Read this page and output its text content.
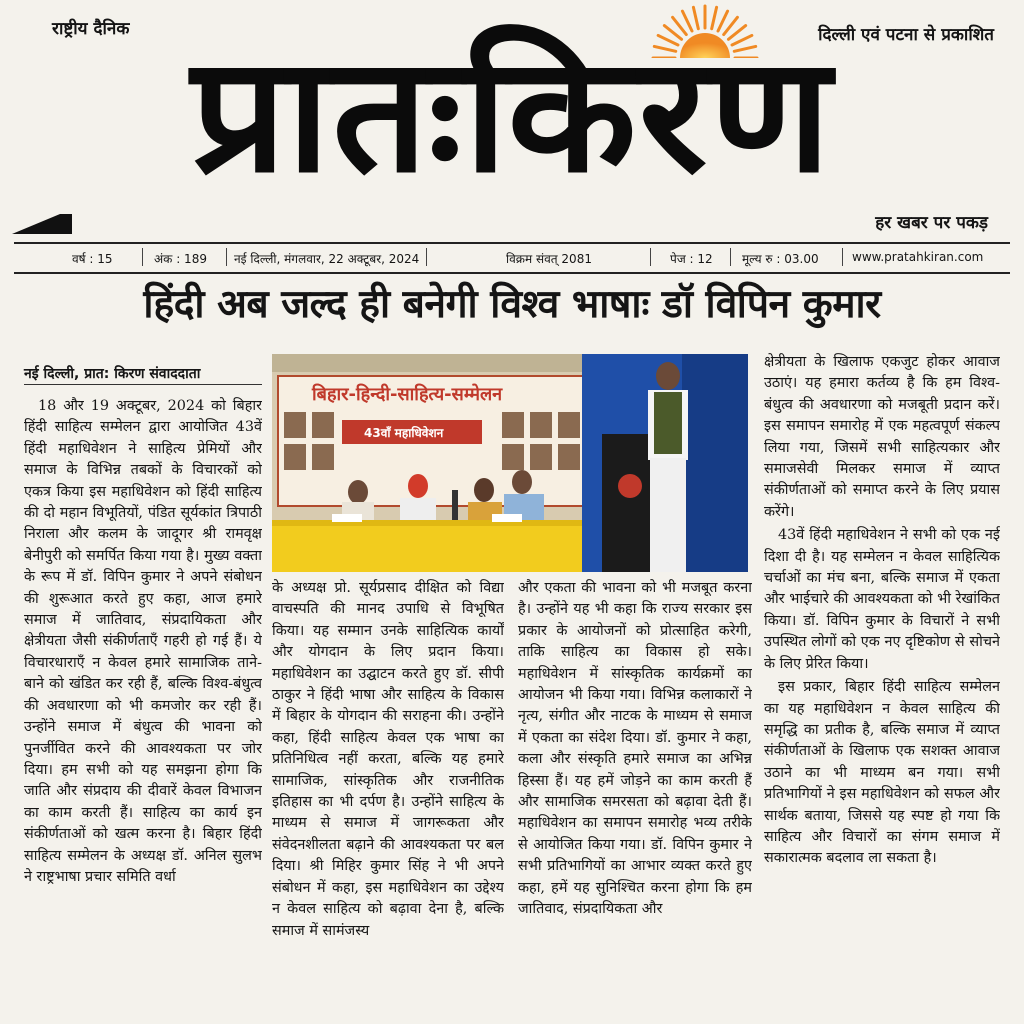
राष्ट्रीय दैनिक	दिल्ली एवं पटना से प्रकाशित
प्रातःकिरण
हर खबर पर पकड़
वर्ष : 15	अंक : 189 नई दिल्ली, मंगलवार, 22 अक्टूबर, 2024	विक्रम संवत् 2081	पेज : 12 मूल्य रु : 03.00	www.pratahkiran.com
हिंदी अब जल्द ही बनेगी विश्व भाषाः डॉ विपिन कुमार
नई दिल्ली, प्रात: किरण संवाददाता
बिहार-हिन्दी-साहित्य-सम्मेलन
43वाँ महाधिवेशन

18 और 19 अक्टूबर, 2024 को बिहार हिंदी साहित्य सम्मेलन द्वारा आयोजित 43वें हिंदी महाधिवेशन ने साहित्य प्रेमियों और समाज के विभिन्न तबकों के विचारकों को एकत्र किया इस महाधिवेशन को हिंदी साहित्य की दो महान विभूतियों, पंडित सूर्यकांत त्रिपाठी निराला और कलम के जादूगर श्री रामवृक्ष बेनीपुरी को समर्पित किया गया है। मुख्य वक्ता के रूप में डॉ. विपिन कुमार ने अपने संबोधन की शुरूआत करते हुए कहा, आज हमारे समाज में जातिवाद, संप्रदायिकता और क्षेत्रीयता जैसी संकीर्णताएँ गहरी हो गई हैं। ये विचारधाराएँ न केवल हमारे सामाजिक ताने-बाने को खंडित कर रही हैं, बल्कि विश्व-बंधुत्व की अवधारणा को भी कमजोर कर रही हैं। उन्होंने समाज में बंधुत्व की भावना को पुनर्जीवित करने की आवश्यकता पर जोर दिया। हम सभी को यह समझना होगा कि जाति और संप्रदाय की दीवारें केवल विभाजन का काम करती हैं। साहित्य का कार्य इन संकीर्णताओं को खत्म करना है। बिहार हिंदी साहित्य सम्मेलन के अध्यक्ष डॉ. अनिल सुलभ ने राष्ट्रभाषा प्रचार समिति वर्धा

के अध्यक्ष प्रो. सूर्यप्रसाद दीक्षित को विद्या वाचस्पति की मानद उपाधि से विभूषित किया। यह सम्मान उनके साहित्यिक कार्यों और योगदान के लिए प्रदान किया। महाधिवेशन का उद्घाटन करते हुए डॉ. सीपी ठाकुर ने हिंदी भाषा और साहित्य के विकास में बिहार के योगदान की सराहना की। उन्होंने कहा, हिंदी साहित्य केवल एक भाषा का प्रतिनिधित्व नहीं करता, बल्कि यह हमारे सामाजिक, सांस्कृतिक और राजनीतिक इतिहास का भी दर्पण है। उन्होंने साहित्य के माध्यम से समाज में जागरूकता और संवेदनशीलता बढ़ाने की आवश्यकता पर बल दिया। श्री मिहिर कुमार सिंह ने भी अपने संबोधन में कहा, इस महाधिवेशन का उद्देश्य न केवल साहित्य को बढ़ावा देना है, बल्कि समाज में सामंजस्य

और एकता की भावना को भी मजबूत करना है। उन्होंने यह भी कहा कि राज्य सरकार इस प्रकार के आयोजनों को प्रोत्साहित करेगी, ताकि साहित्य का विकास हो सके। महाधिवेशन में सांस्कृतिक कार्यक्रमों का आयोजन भी किया गया। विभिन्न कलाकारों ने नृत्य, संगीत और नाटक के माध्यम से समाज में एकता का संदेश दिया। डॉ. कुमार ने कहा, कला और संस्कृति हमारे समाज का अभिन्न हिस्सा हैं। यह हमें जोड़ने का काम करती हैं और सामाजिक समरसता को बढ़ावा देती हैं। महाधिवेशन का समापन समारोह भव्य तरीके से आयोजित किया गया। डॉ. विपिन कुमार ने सभी प्रतिभागियों का आभार व्यक्त करते हुए कहा, हमें यह सुनिश्चित करना होगा कि हम जातिवाद, संप्रदायिकता और

क्षेत्रीयता के खिलाफ एकजुट होकर आवाज उठाएं। यह हमारा कर्तव्य है कि हम विश्व-बंधुत्व की अवधारणा को मजबूती प्रदान करें। इस समापन समारोह में एक महत्वपूर्ण संकल्प लिया गया, जिसमें सभी साहित्यकार और समाजसेवी मिलकर समाज में व्याप्त संकीर्णताओं को समाप्त करने के लिए प्रयास करेंगे।

43वें हिंदी महाधिवेशन ने सभी को एक नई दिशा दी है। यह सम्मेलन न केवल साहित्यिक चर्चाओं का मंच बना, बल्कि समाज में एकता और भाईचारे की आवश्यकता को भी रेखांकित किया। डॉ. विपिन कुमार के विचारों ने सभी उपस्थित लोगों को एक नए दृष्टिकोण से सोचने के लिए प्रेरित किया।

इस प्रकार, बिहार हिंदी साहित्य सम्मेलन का यह महाधिवेशन न केवल साहित्य की समृद्धि का प्रतीक है, बल्कि समाज में व्याप्त संकीर्णताओं के खिलाफ एक सशक्त आवाज उठाने का भी माध्यम बन गया। सभी प्रतिभागियों ने इस महाधिवेशन को सफल और सार्थक बताया, जिससे यह स्पष्ट हो गया कि साहित्य और विचारों का संगम समाज में सकारात्मक बदलाव ला सकता है।
